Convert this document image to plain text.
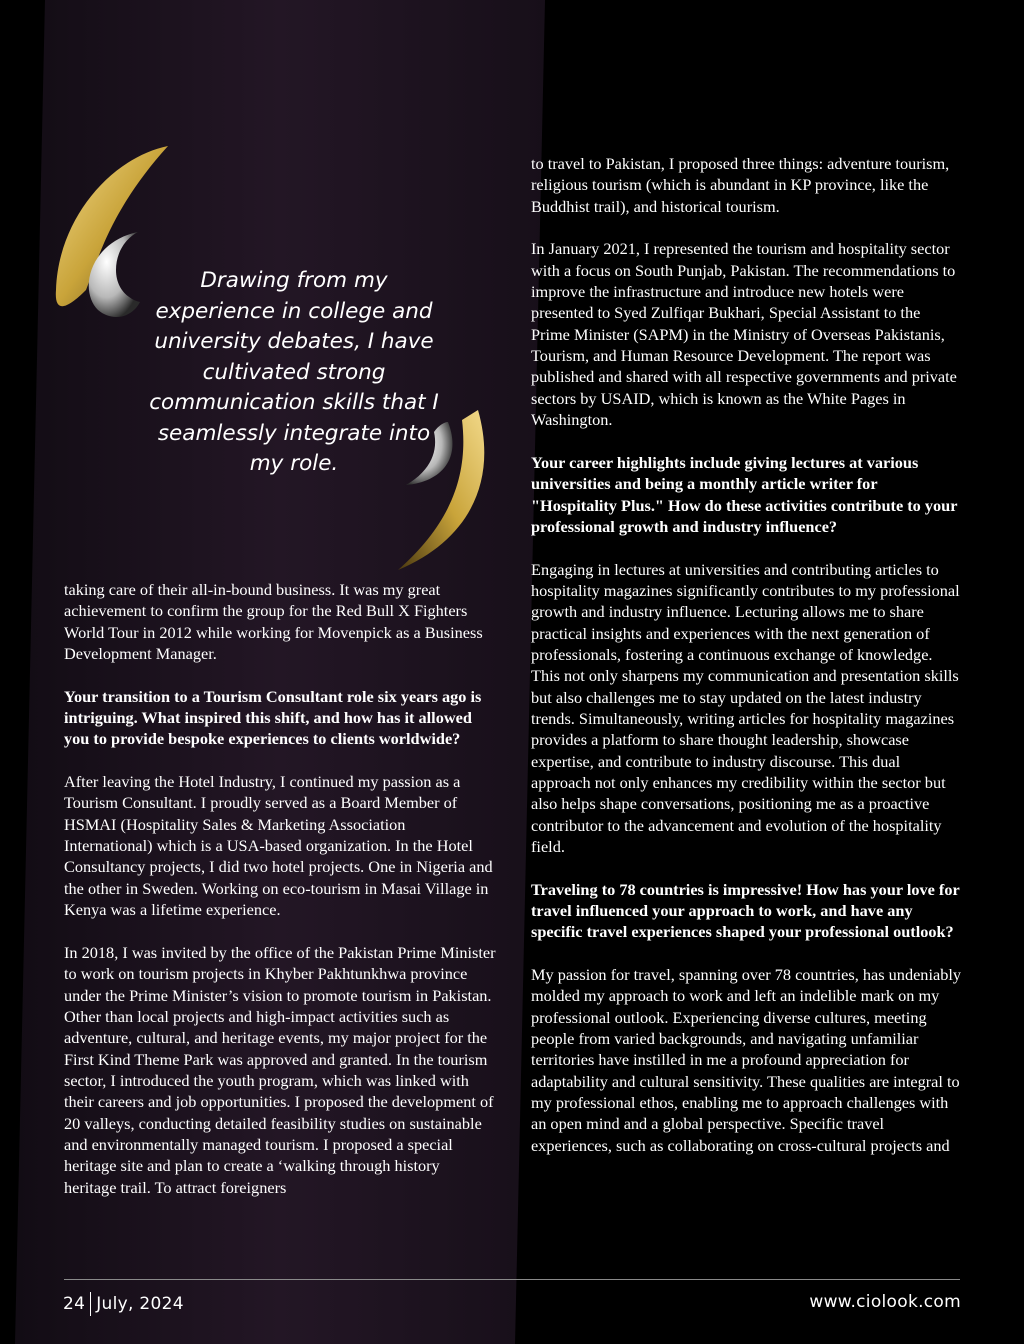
Drawing from my experience in college and university debates, I have cultivated strong communication skills that I seamlessly integrate into my role.

taking care of their all-in-bound business. It was my great achievement to confirm the group for the Red Bull X Fighters World Tour in 2012 while working for Movenpick as a Business Development Manager.

Your transition to a Tourism Consultant role six years ago is intriguing. What inspired this shift, and how has it allowed you to provide bespoke experiences to clients worldwide?

After leaving the Hotel Industry, I continued my passion as a Tourism Consultant. I proudly served as a Board Member of HSMAI (Hospitality Sales & Marketing Association International) which is a USA-based organization. In the Hotel Consultancy projects, I did two hotel projects. One in Nigeria and the other in Sweden. Working on eco-tourism in Masai Village in Kenya was a lifetime experience.

In 2018, I was invited by the office of the Pakistan Prime Minister to work on tourism projects in Khyber Pakhtunkhwa province under the Prime Minister’s vision to promote tourism in Pakistan. Other than local projects and high-impact activities such as adventure, cultural, and heritage events, my major project for the First Kind Theme Park was approved and granted. In the tourism sector, I introduced the youth program, which was linked with their careers and job opportunities. I proposed the development of 20 valleys, conducting detailed feasibility studies on sustainable and environmentally managed tourism. I proposed a special heritage site and plan to create a ‘walking through history heritage trail. To attract foreigners

to travel to Pakistan, I proposed three things: adventure tourism, religious tourism (which is abundant in KP province, like the Buddhist trail), and historical tourism.

In January 2021, I represented the tourism and hospitality sector with a focus on South Punjab, Pakistan. The recommendations to improve the infrastructure and introduce new hotels were presented to Syed Zulfiqar Bukhari, Special Assistant to the Prime Minister (SAPM) in the Ministry of Overseas Pakistanis, Tourism, and Human Resource Development. The report was published and shared with all respective governments and private sectors by USAID, which is known as the White Pages in Washington.

Your career highlights include giving lectures at various universities and being a monthly article writer for "Hospitality Plus." How do these activities contribute to your professional growth and industry influence?

Engaging in lectures at universities and contributing articles to hospitality magazines significantly contributes to my professional growth and industry influence. Lecturing allows me to share practical insights and experiences with the next generation of professionals, fostering a continuous exchange of knowledge. This not only sharpens my communication and presentation skills but also challenges me to stay updated on the latest industry trends. Simultaneously, writing articles for hospitality magazines provides a platform to share thought leadership, showcase expertise, and contribute to industry discourse. This dual approach not only enhances my credibility within the sector but also helps shape conversations, positioning me as a proactive contributor to the advancement and evolution of the hospitality field.

Traveling to 78 countries is impressive! How has your love for travel influenced your approach to work, and have any specific travel experiences shaped your professional outlook?

My passion for travel, spanning over 78 countries, has undeniably molded my approach to work and left an indelible mark on my professional outlook. Experiencing diverse cultures, meeting people from varied backgrounds, and navigating unfamiliar territories have instilled in me a profound appreciation for adaptability and cultural sensitivity. These qualities are integral to my professional ethos, enabling me to approach challenges with an open mind and a global perspective. Specific travel experiences, such as collaborating on cross-cultural projects and

24 July, 2024	www.ciolook.com
